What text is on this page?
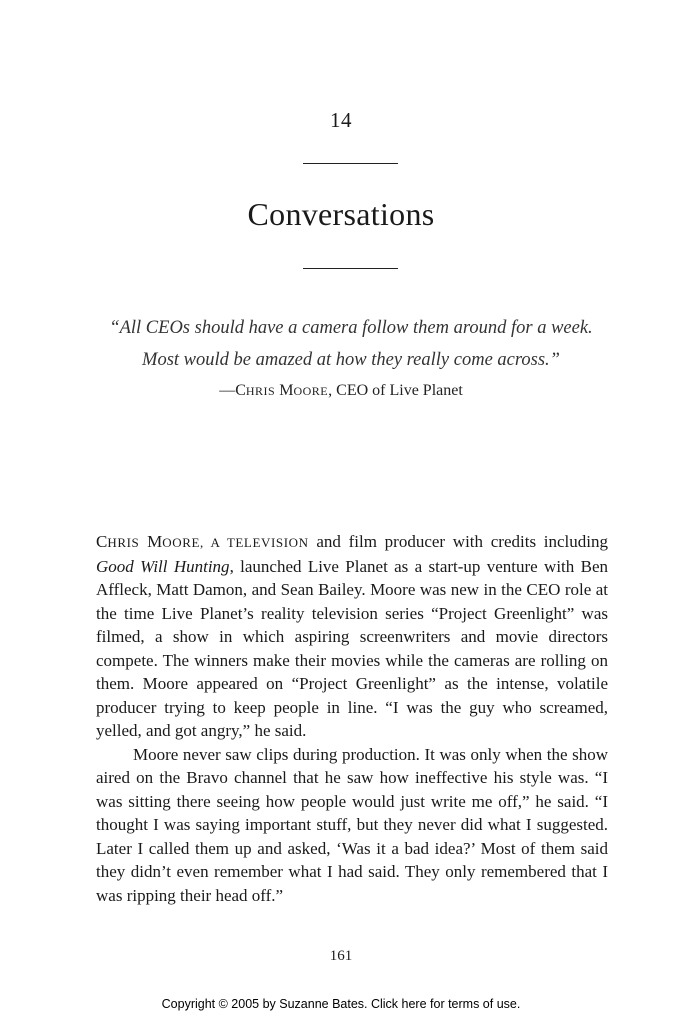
14
Conversations
“All CEOs should have a camera follow them around for a week. Most would be amazed at how they really come across.”
—CHRIS MOORE, CEO of Live Planet

CHRIS MOORE, A TELEVISION and film producer with credits including Good Will Hunting, launched Live Planet as a start-up venture with Ben Affleck, Matt Damon, and Sean Bailey. Moore was new in the CEO role at the time Live Planet’s reality television series “Project Greenlight” was filmed, a show in which aspiring screenwriters and movie directors compete. The winners make their movies while the cameras are rolling on them. Moore appeared on “Project Greenlight” as the intense, volatile producer trying to keep people in line. “I was the guy who screamed, yelled, and got angry,” he said.

Moore never saw clips during production. It was only when the show aired on the Bravo channel that he saw how ineffective his style was. “I was sitting there seeing how people would just write me off,” he said. “I thought I was saying important stuff, but they never did what I suggested. Later I called them up and asked, ‘Was it a bad idea?’ Most of them said they didn’t even remember what I had said. They only remembered that I was ripping their head off.”

161
Copyright © 2005 by Suzanne Bates. Click here for terms of use.
